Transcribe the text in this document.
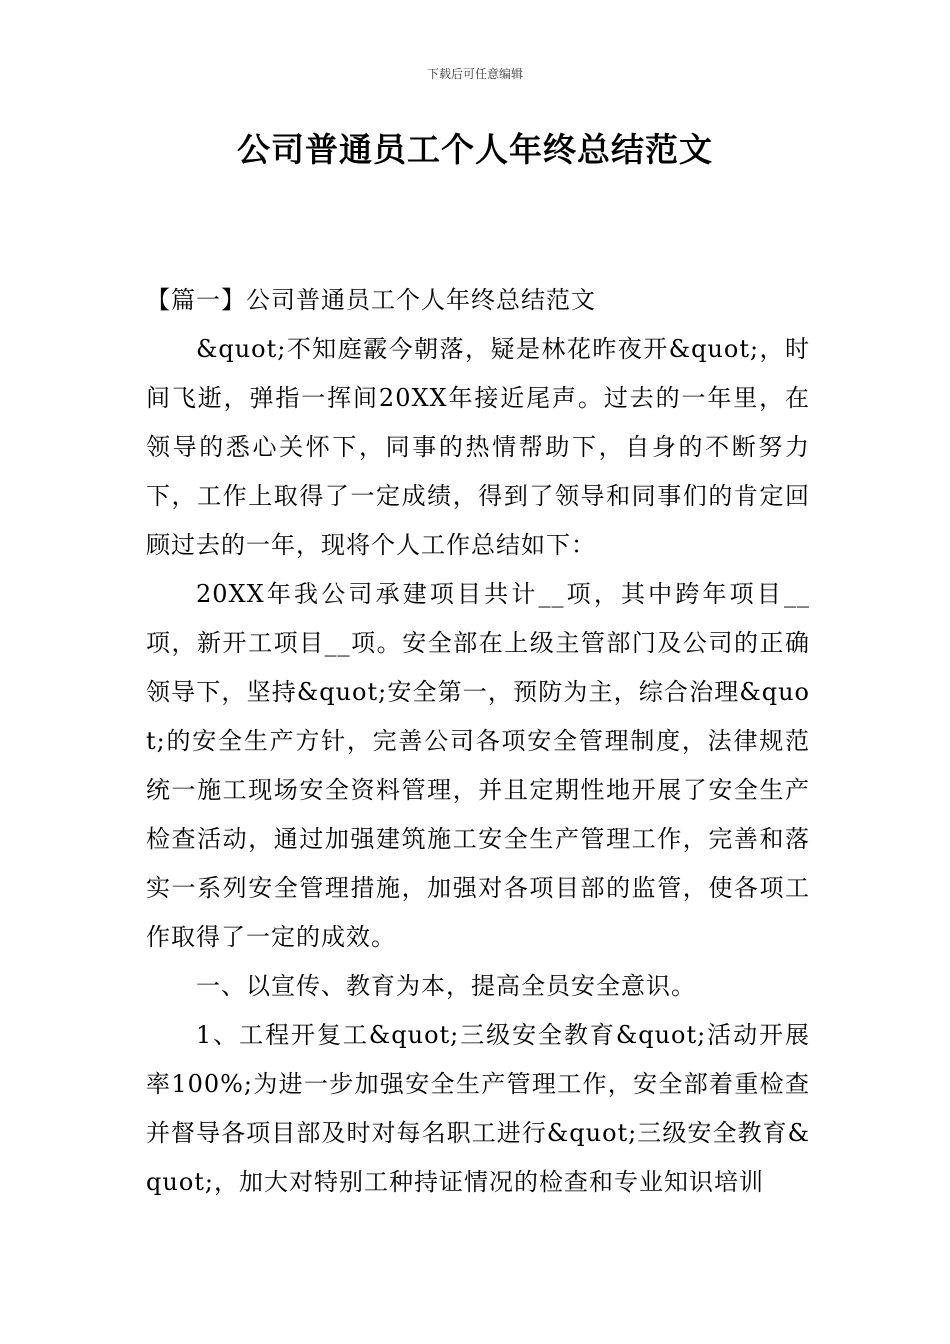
下载后可任意编辑
公司普通员工个人年终总结范文

【篇一】公司普通员工个人年终总结范文

&quot;不知庭霰今朝落，疑是林花昨夜开&quot;，时间飞逝，弹指一挥间20XX年接近尾声。过去的一年里，在领导的悉心关怀下，同事的热情帮助下，自身的不断努力下，工作上取得了一定成绩，得到了领导和同事们的肯定回顾过去的一年，现将个人工作总结如下：

20XX年我公司承建项目共计__项，其中跨年项目__项，新开工项目__项。安全部在上级主管部门及公司的正确领导下，坚持&quot;安全第一，预防为主，综合治理&quot;的安全生产方针，完善公司各项安全管理制度，法律规范统一施工现场安全资料管理，并且定期性地开展了安全生产检查活动，通过加强建筑施工安全生产管理工作，完善和落实一系列安全管理措施，加强对各项目部的监管，使各项工作取得了一定的成效。

一、以宣传、教育为本，提高全员安全意识。

1、工程开复工&quot;三级安全教育&quot;活动开展率100%;为进一步加强安全生产管理工作，安全部着重检查并督导各项目部及时对每名职工进行&quot;三级安全教育&quot;，加大对特别工种持证情况的检查和专业知识培训
